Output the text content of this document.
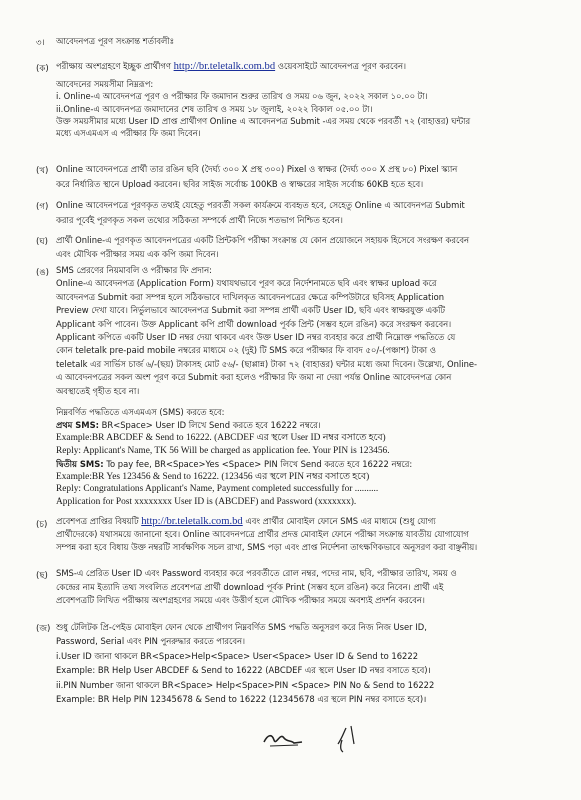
৩। আবেদনপত্র পূরণ সংক্রান্ত শর্তাবলীঃ

(ক) পরীক্ষায় অংশগ্রহণে ইচ্ছুক প্রার্থীগণ http://br.teletalk.com.bd ওয়েবসাইটে আবেদনপত্র পূরণ করবেন।

আবেদনের সময়সীমা নিম্নরূপ:

i. Online-এ আবেদনপত্র পূরণ ও পরীক্ষার ফি জমাদান শুরুর তারিখ ও সময় ০৬ জুন, ২০২২ সকাল ১০.০০ টা।

ii.Online-এ আবেদনপত্র জমাদানের শেষ তারিখ ও সময় ১৮ জুলাই, ২০২২ বিকাল ০৫.০০ টা।

উক্ত সময়সীমার মধ্যে User ID প্রাপ্ত প্রার্থীগণ Online এ আবেদনপত্র Submit -এর সময় থেকে পরবর্তী ৭২ (বাহাত্তর) ঘন্টার

মধ্যে এসএমএস এ পরীক্ষার ফি জমা দিবেন।

(খ) Online আবেদনপত্রে প্রার্থী তার রঙিন ছবি (দৈর্ঘ্য ৩০০ X প্রস্থ ৩০০) Pixel ও স্বাক্ষর (দৈর্ঘ্য ৩০০ X প্রস্থ ৮০) Pixel স্ক্যান

করে নির্ধারিত স্থানে Upload করবেন। ছবির সাইজ সর্বোচ্চ 100KB ও স্বাক্ষরের সাইজ সর্বোচ্চ 60KB হতে হবে।

(গ) Online আবেদনপত্রে পূরণকৃত তথ্যই যেহেতু পরবর্তী সকল কার্যক্রমে ব্যবহৃত হবে, সেহেতু Online এ আবেদনপত্র Submit

করার পূর্বেই পূরণকৃত সকল তথ্যের সঠিকতা সম্পর্কে প্রার্থী নিজে শতভাগ নিশ্চিত হবেন।

(ঘ) প্রার্থী Online-এ পূরণকৃত আবেদনপত্রের একটি প্রিন্টকপি পরীক্ষা সংক্রান্ত যে কোন প্রয়োজনে সহায়ক হিসেবে সংরক্ষণ করবেন

এবং মৌখিক পরীক্ষার সময় এক কপি জমা দিবেন।

(ঙ) SMS প্রেরণের নিয়মাবলি ও পরীক্ষার ফি প্রদান:

Online-এ আবেদনপত্র (Application Form) যথাযথভাবে পূরণ করে নির্দেশনামতে ছবি এবং স্বাক্ষর upload করে

আবেদনপত্র Submit করা সম্পন্ন হলে সঠিকভাবে দাখিলকৃত আবেদনপত্রের ক্ষেত্রে কম্পিউটারে ছবিসহ Application

Preview দেখা যাবে। নির্ভুলভাবে আবেদনপত্র Submit করা সম্পন্ন প্রার্থী একটি User ID, ছবি এবং স্বাক্ষরযুক্ত একটি

Applicant কপি পাবেন। উক্ত Applicant কপি প্রার্থী download পূর্বক প্রিন্ট (সম্ভব হলে রঙিন) করে সংরক্ষণ করবেন।

Applicant কপিতে একটি User ID নম্বর দেয়া থাকবে এবং উক্ত User ID নম্বর ব্যবহার করে প্রার্থী নিম্নোক্ত পদ্ধতিতে যে

কোন teletalk pre-paid mobile নম্বরের মাধ্যমে ০২ (দুই) টি SMS করে পরীক্ষার ফি বাবদ ৫০/-(পঞ্চাশ) টাকা ও

teletalk এর সার্ভিস চার্জ ৬/-(ছয়) টাকাসহ মোট ৫৬/- (ছাপ্পান্ন) টাকা ৭২ (বাহাত্তর) ঘন্টার মধ্যে জমা দিবেন। উল্লেখ্য, Online-

এ আবেদনপত্রের সকল অংশ পূরণ করে Submit করা হলেও পরীক্ষার ফি জমা না দেয়া পর্যন্ত Online আবেদনপত্র কোন

অবস্থাতেই গৃহীত হবে না।

নিম্নবর্ণিত পদ্ধতিতে এসএমএস (SMS) করতে হবে:

প্রথম SMS: BR<Space> User ID লিখে Send করতে হবে 16222 নম্বরে।

Example:BR ABCDEF & Send to 16222. (ABCDEF এর স্থলে User ID নম্বর বসাতে হবে)

Reply: Applicant's Name, TK 56 Will be charged as application fee. Your PIN is 123456.

দ্বিতীয় SMS: To pay fee, BR<Space>Yes <Space> PIN লিখে Send করতে হবে 16222 নম্বরে:

Example:BR Yes 123456 & Send to 16222. (123456 এর স্থলে PIN নম্বর বসাতে হবে)

Reply: Congratulations Applicant's Name, Payment completed successfully for ..........

Application for Post xxxxxxxx User ID is (ABCDEF) and Password (xxxxxxx).

(চ) প্রবেশপত্র প্রাপ্তির বিষয়টি http://br.teletalk.com.bd এবং প্রার্থীর মোবাইল ফোনে SMS এর মাধ্যমে (শুধু যোগ্য

প্রার্থীদেরকে) যথাসময়ে জানানো হবে। Online আবেদনপত্রে প্রার্থীর প্রদত্ত মোবাইল ফোনে পরীক্ষা সংক্রান্ত যাবতীয় যোগাযোগ

সম্পন্ন করা হবে বিধায় উক্ত নম্বরটি সার্বক্ষণিক সচল রাখা, SMS পড়া এবং প্রাপ্ত নির্দেশনা তাৎক্ষণিকভাবে অনুসরণ করা বাঞ্ছনীয়।

(ছ) SMS-এ প্রেরিত User ID এবং Password ব্যবহার করে পরবর্তীতে রোল নম্বর, পদের নাম, ছবি, পরীক্ষার তারিখ, সময় ও

কেন্দ্রের নাম ইত্যাদি তথ্য সংবলিত প্রবেশপত্র প্রার্থী download পূর্বক Print (সম্ভব হলে রঙিন) করে নিবেন। প্রার্থী এই

প্রবেশপত্রটি লিখিত পরীক্ষায় অংশগ্রহণের সময়ে এবং উত্তীর্ণ হলে মৌখিক পরীক্ষার সময়ে অবশ্যই প্রদর্শন করবেন।

(জ) শুধু টেলিটক প্রি-পেইড মোবাইল ফোন থেকে প্রার্থীগণ নিম্নবর্ণিত SMS পদ্ধতি অনুসরণ করে নিজ নিজ User ID,

Password, Serial এবং PIN পুনরুদ্ধার করতে পারবেন।

i.User ID জানা থাকলে BR<Space>Help<Space> User<Space> User ID & Send to 16222

Example: BR Help User ABCDEF & Send to 16222 (ABCDEF এর স্থলে User ID নম্বর বসাতে হবে)।

ii.PIN Number জানা থাকলে BR<Space> Help<Space>PIN <Space> PIN No & Send to 16222

Example: BR Help PIN 12345678 & Send to 16222 (12345678 এর স্থলে PIN নম্বর বসাতে হবে)।
